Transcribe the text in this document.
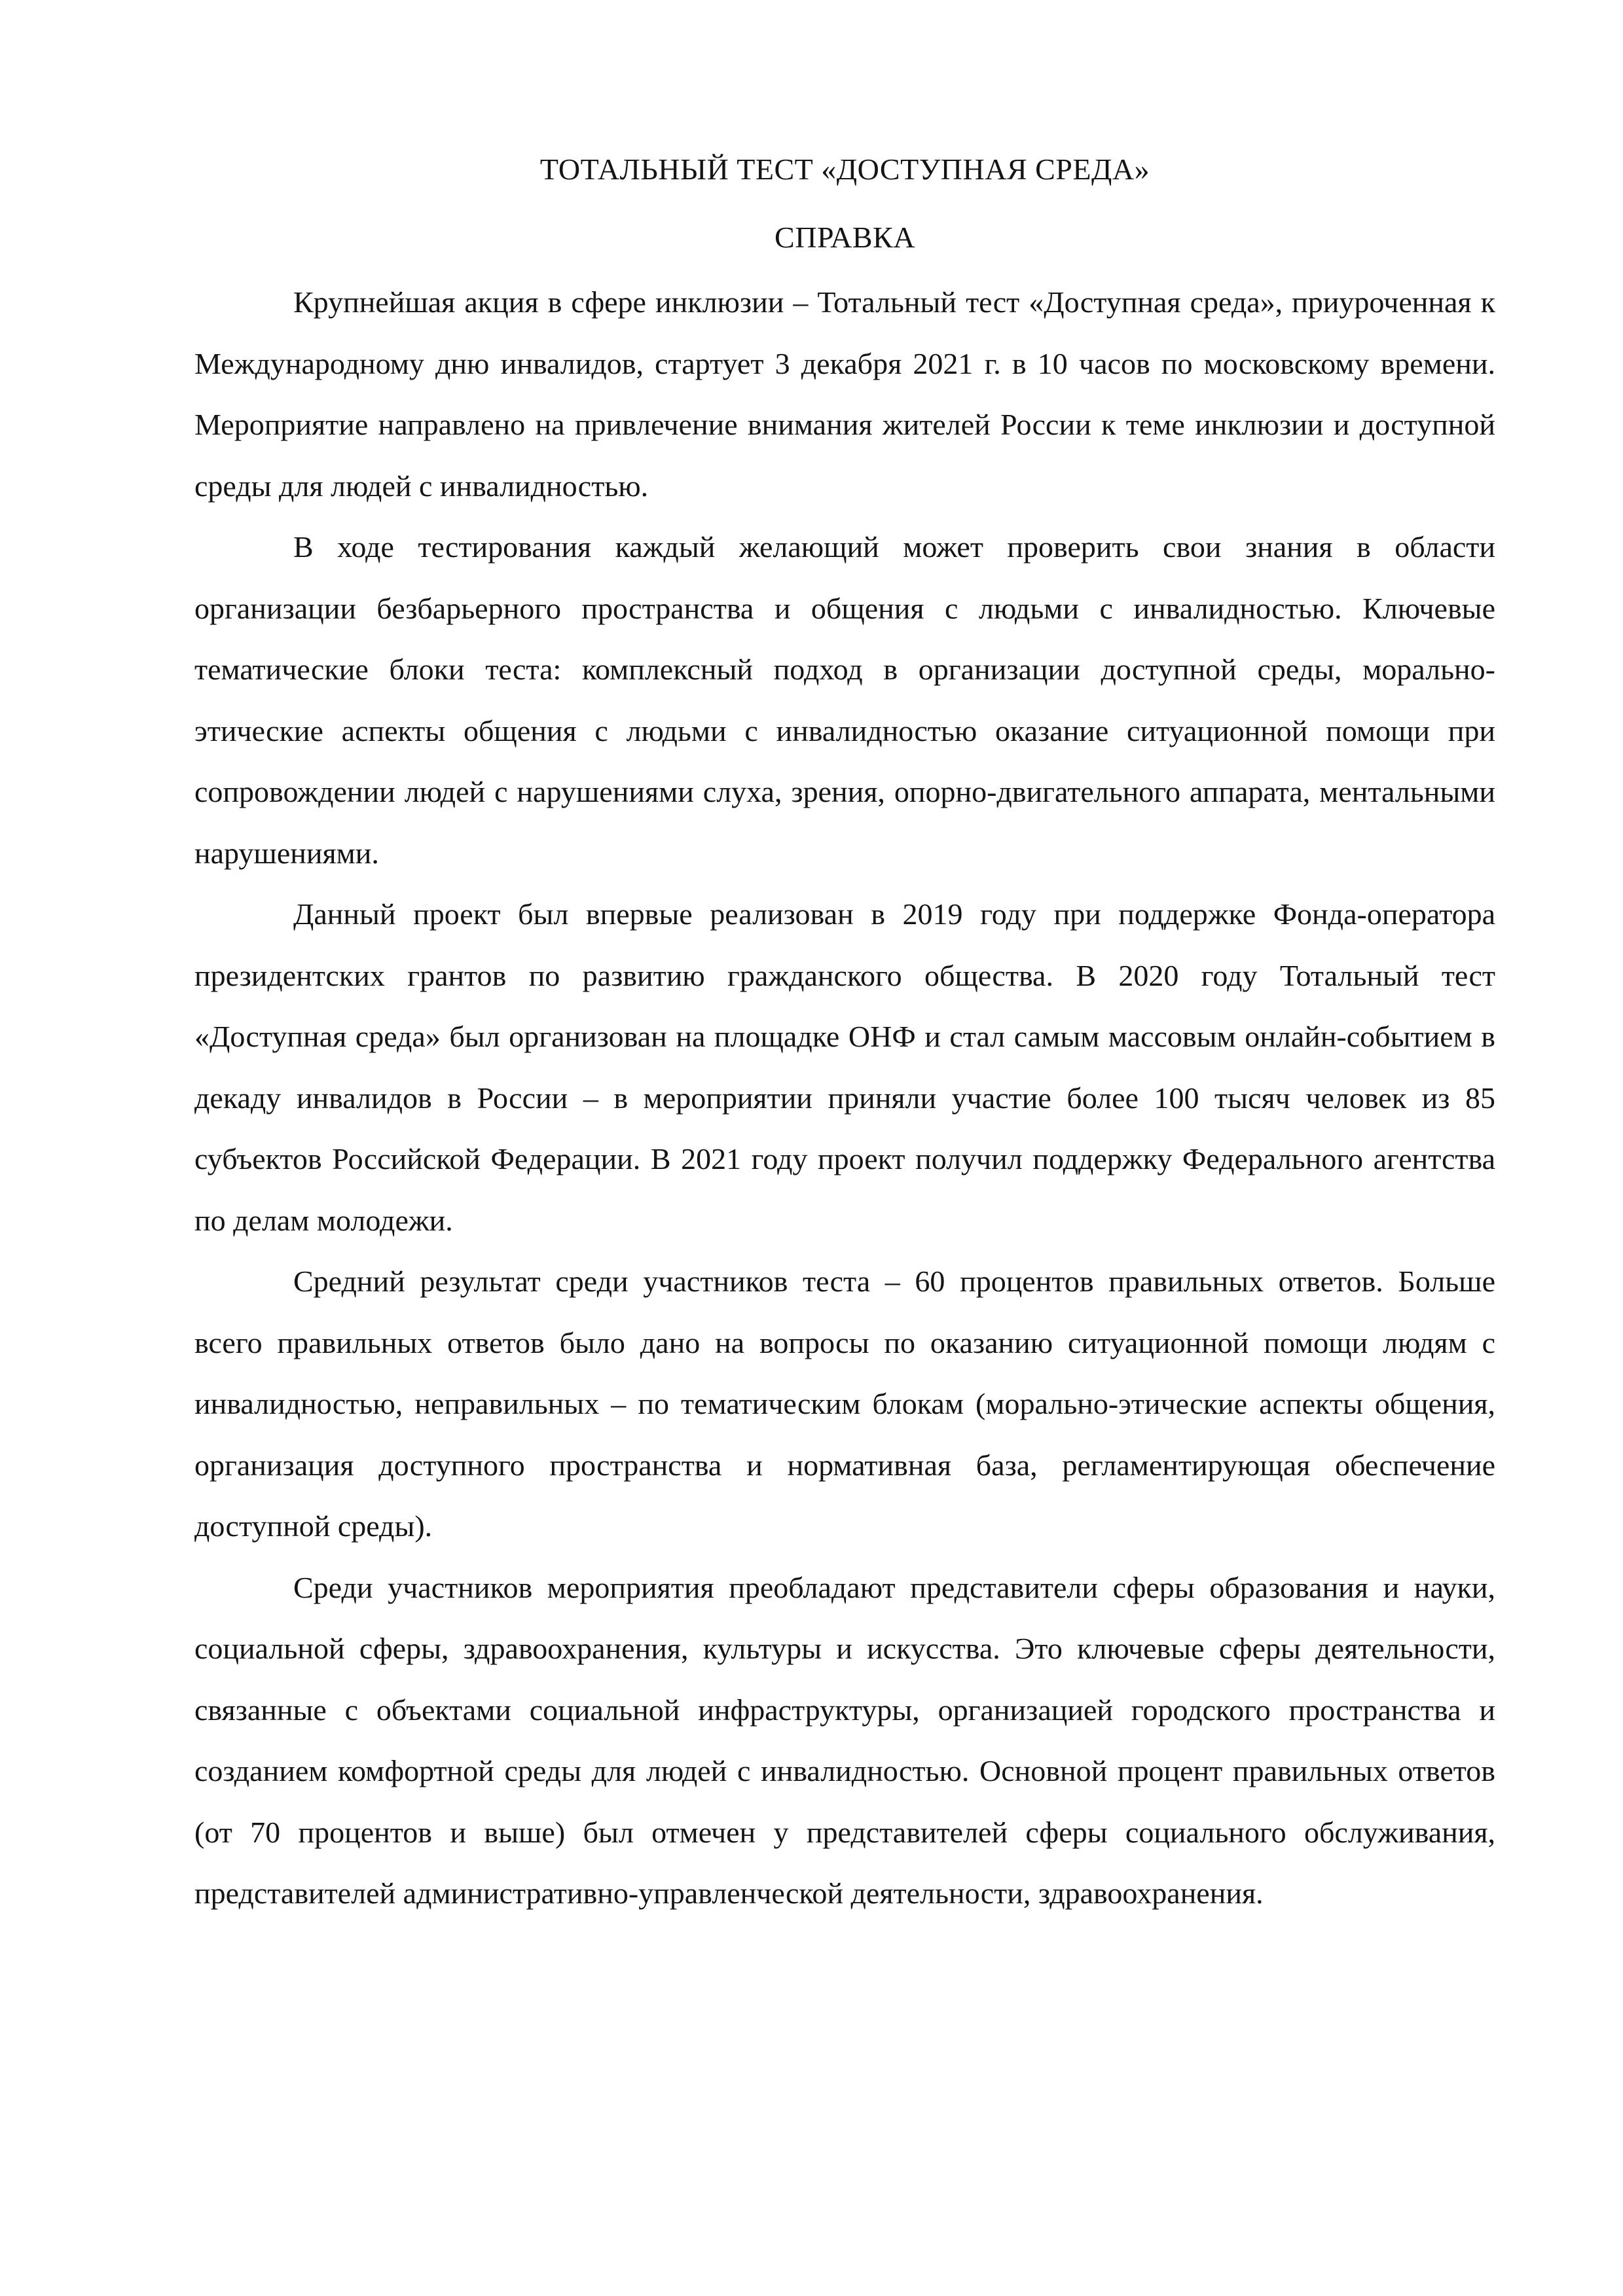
ТОТАЛЬНЫЙ ТЕСТ «ДОСТУПНАЯ СРЕДА»

СПРАВКА

Крупнейшая акция в сфере инклюзии – Тотальный тест «Доступная среда», приуроченная к Международному дню инвалидов, стартует 3 декабря 2021 г. в 10 часов по московскому времени. Мероприятие направлено на привлечение внимания жителей России к теме инклюзии и доступной среды для людей с инвалидностью.

В ходе тестирования каждый желающий может проверить свои знания в области организации безбарьерного пространства и общения с людьми с инвалидностью. Ключевые тематические блоки теста: комплексный подход в организации доступной среды, морально-этические аспекты общения с людьми с инвалидностью оказание ситуационной помощи при сопровождении людей с нарушениями слуха, зрения, опорно-двигательного аппарата, ментальными нарушениями.

Данный проект был впервые реализован в 2019 году при поддержке Фонда-оператора президентских грантов по развитию гражданского общества. В 2020 году Тотальный тест «Доступная среда» был организован на площадке ОНФ и стал самым массовым онлайн-событием в декаду инвалидов в России – в мероприятии приняли участие более 100 тысяч человек из 85 субъектов Российской Федерации. В 2021 году проект получил поддержку Федерального агентства по делам молодежи.

Средний результат среди участников теста – 60 процентов правильных ответов. Больше всего правильных ответов было дано на вопросы по оказанию ситуационной помощи людям с инвалидностью, неправильных – по тематическим блокам (морально-этические аспекты общения, организация доступного пространства и нормативная база, регламентирующая обеспечение доступной среды).

Среди участников мероприятия преобладают представители сферы образования и науки, социальной сферы, здравоохранения, культуры и искусства. Это ключевые сферы деятельности, связанные с объектами социальной инфраструктуры, организацией городского пространства и созданием комфортной среды для людей с инвалидностью. Основной процент правильных ответов (от 70 процентов и выше) был отмечен у представителей сферы социального обслуживания, представителей административно-управленческой деятельности, здравоохранения.
